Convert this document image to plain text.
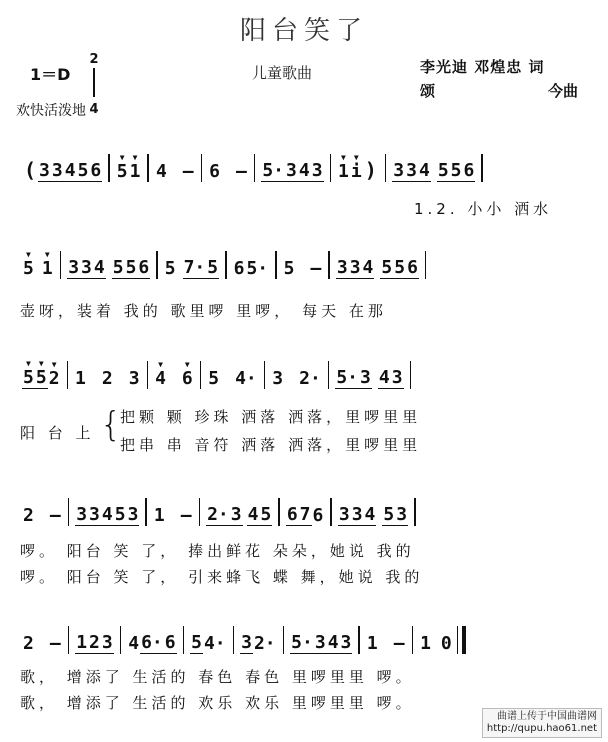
阳台笑了
1＝D
2
4
儿童歌曲	李光迪 邓煌忠 词
颂	今曲
欢快活泼地
( 3 3 4 5 6 ▼ 5 ▼ 1 4 – 6 – 5· 3 4 3 ▼ 1 ▼ i ) 3 3 4 5 5 6
1.2. 小小 洒水
▼ 5 ▼ 1 3 3 4 5 5 6 5 7· 5 6 5· 5 – 3 3 4 5 5 6
壶呀，装着 我的 歌里啰 里啰， 每天 在那
▼ 5 ▼ 5 ▼ 2 1 2 3 ▼ 4 ▼ 6 5 4· 3 2· 5· 3 4 3
阳 台 上 {
把颗 颗 珍珠 洒落 洒落，里啰里里
把串 串 音符 洒落 洒落，里啰里里
2 – 3 3 4 5 3 1 – 2· 3 4 5 6 7 6 3 3 4 5 3
啰。 阳台 笑 了， 捧出鲜花 朵朵，她说 我的
啰。 阳台 笑 了， 引来蜂飞 蝶 舞，她说 我的
2 – 1 2 3 4 6· 6 5 4· 3 2· 5· 3 4 3 1 – 1 0
歌， 增添了 生活的 春色 春色 里啰里里 啰。
歌， 增添了 生活的 欢乐 欢乐 里啰里里 啰。
曲谱上传于中国曲谱网
http://qupu.hao61.net
